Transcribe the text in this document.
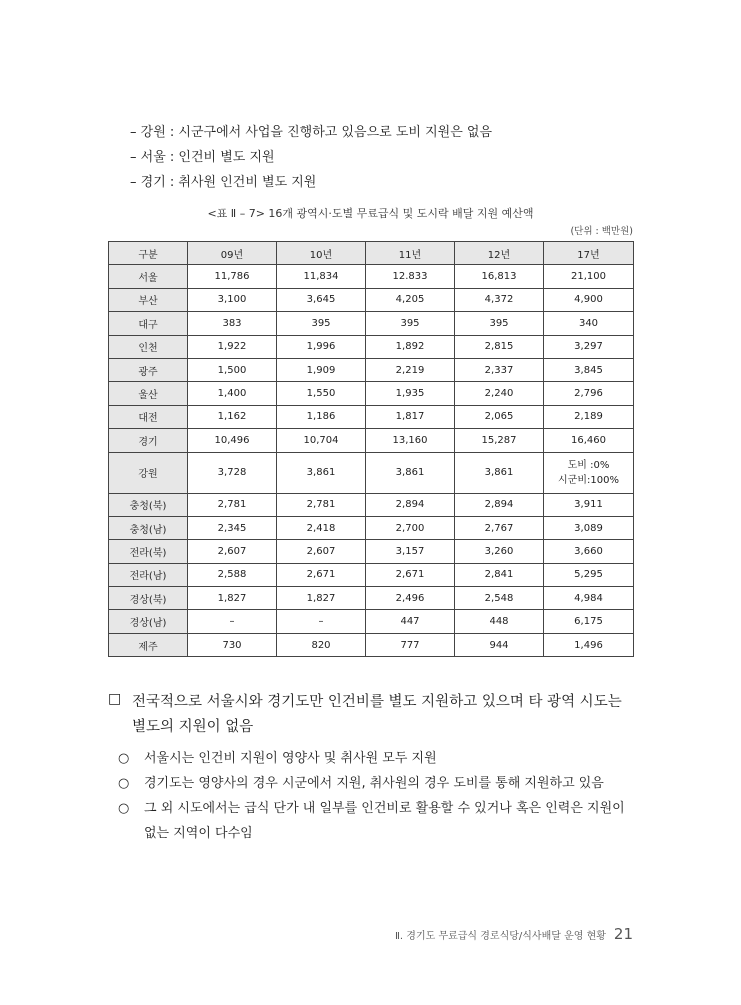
– 강원 : 시군구에서 사업을 진행하고 있음으로 도비 지원은 없음
– 서울 : 인건비 별도 지원
– 경기 : 취사원 인건비 별도 지원
<표 Ⅱ – 7> 16개 광역시·도별 무료급식 및 도시락 배달 지원 예산액
(단위 : 백만원)
구분	09년	10년	11년	12년	17년
서울	11,786	11,834	12.833	16,813	21,100
부산	3,100	3,645	4,205	4,372	4,900
대구	383	395	395	395	340
인천	1,922	1,996	1,892	2,815	3,297
광주	1,500	1,909	2,219	2,337	3,845
울산	1,400	1,550	1,935	2,240	2,796
대전	1,162	1,186	1,817	2,065	2,189
경기	10,496	10,704	13,160	15,287	16,460
강원	3,728	3,861	3,861	3,861	도비 :0%
시군비:100%
충청(북)	2,781	2,781	2,894	2,894	3,911
충청(남)	2,345	2,418	2,700	2,767	3,089
전라(북)	2,607	2,607	3,157	3,260	3,660
전라(남)	2,588	2,671	2,671	2,841	5,295
경상(북)	1,827	1,827	2,496	2,548	4,984
경상(남)	–	–	447	448	6,175
제주	730	820	777	944	1,496
□ 전국적으로 서울시와 경기도만 인건비를 별도 지원하고 있으며 타 광역 시도는 별도의 지원이 없음
○ 서울시는 인건비 지원이 영양사 및 취사원 모두 지원
○ 경기도는 영양사의 경우 시군에서 지원, 취사원의 경우 도비를 통해 지원하고 있음
○ 그 외 시도에서는 급식 단가 내 일부를 인건비로 활용할 수 있거나 혹은 인력은 지원이 없는 지역이 다수임
Ⅱ. 경기도 무료급식 경로식당/식사배달 운영 현황 21
